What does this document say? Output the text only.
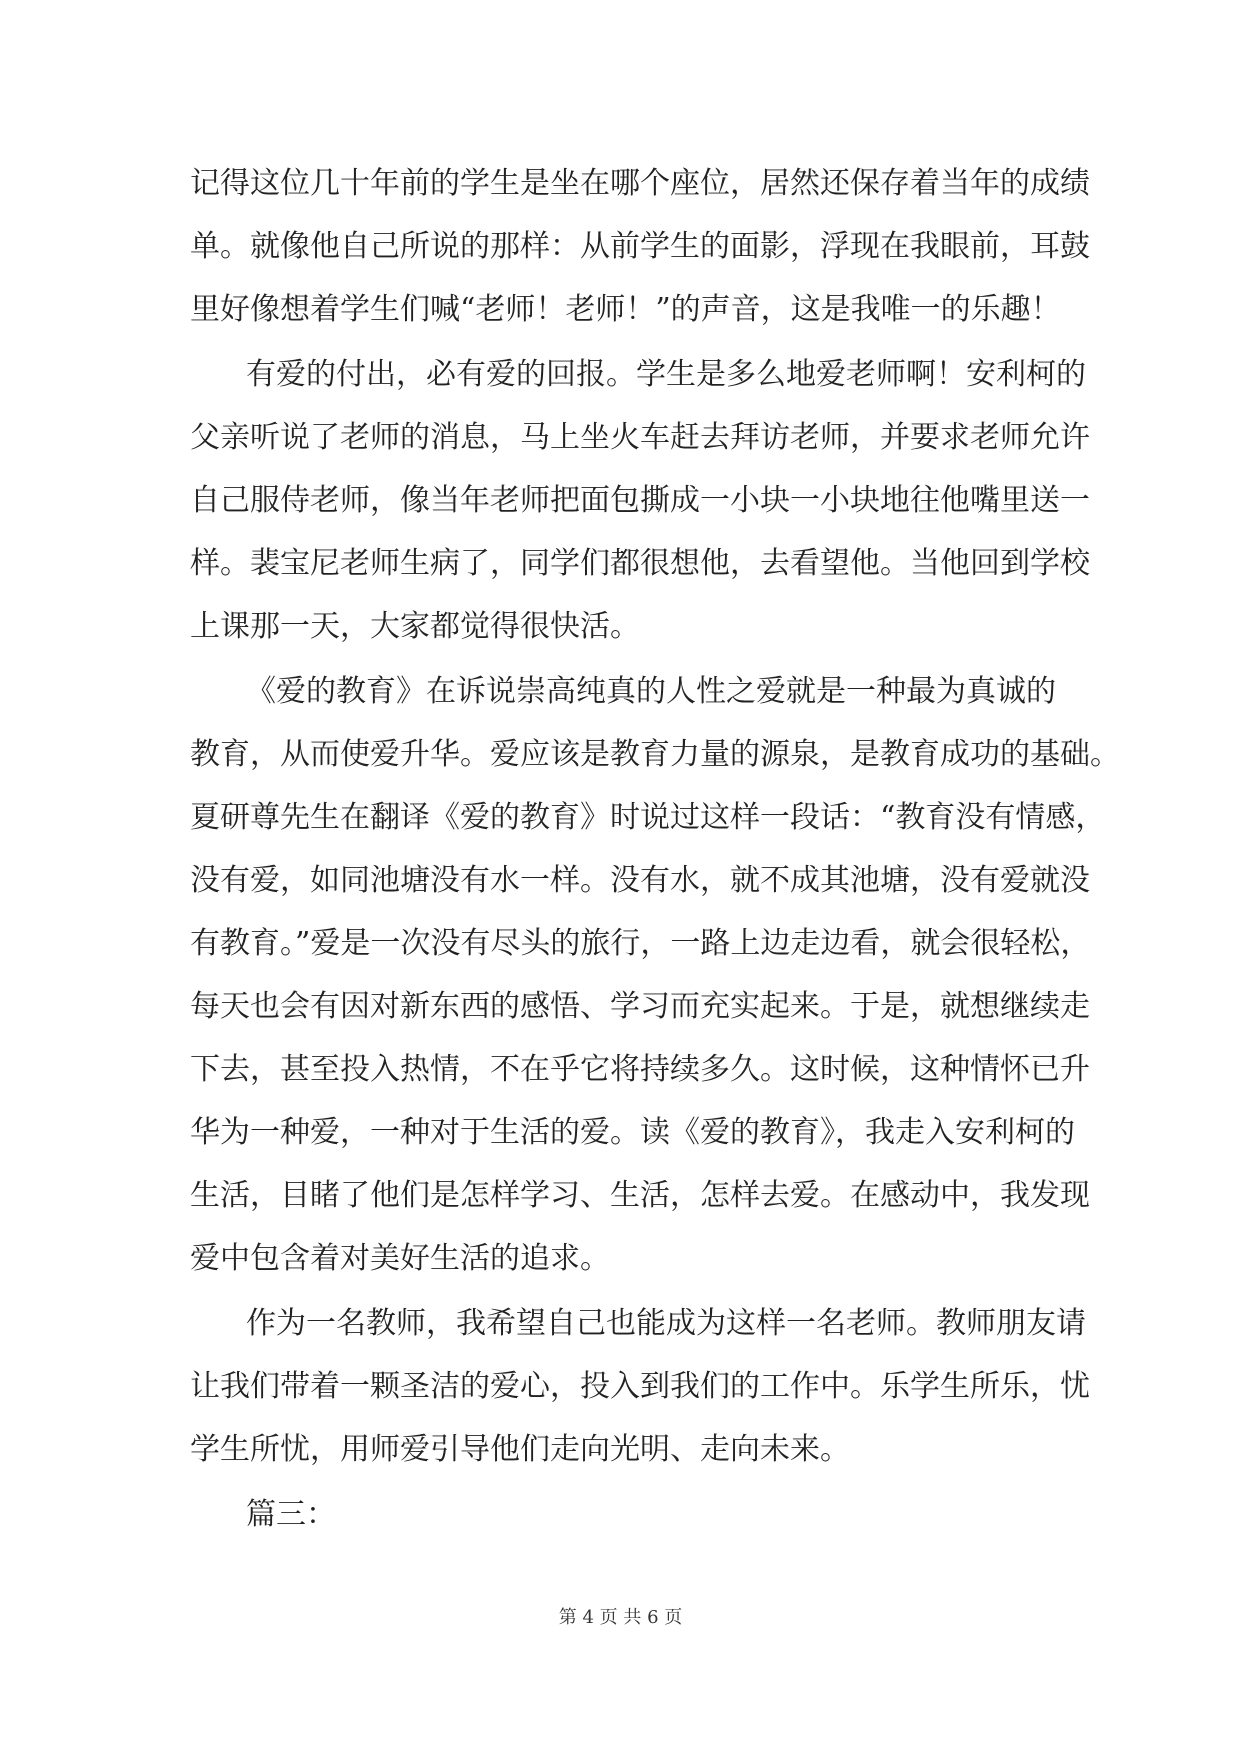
记得这位几十年前的学生是坐在哪个座位，居然还保存着当年的成绩
单。就像他自己所说的那样：从前学生的面影，浮现在我眼前，耳鼓
里好像想着学生们喊“老师！老师！”的声音，这是我唯一的乐趣！
有爱的付出，必有爱的回报。学生是多么地爱老师啊！安利柯的
父亲听说了老师的消息，马上坐火车赶去拜访老师，并要求老师允许
自己服侍老师，像当年老师把面包撕成一小块一小块地往他嘴里送一
样。裴宝尼老师生病了，同学们都很想他，去看望他。当他回到学校
上课那一天，大家都觉得很快活。
《爱的教育》在诉说崇高纯真的人性之爱就是一种最为真诚的
教育，从而使爱升华。爱应该是教育力量的源泉，是教育成功的基础。
夏研尊先生在翻译《爱的教育》时说过这样一段话：“教育没有情感，
没有爱，如同池塘没有水一样。没有水，就不成其池塘，没有爱就没
有教育。”爱是一次没有尽头的旅行，一路上边走边看，就会很轻松，
每天也会有因对新东西的感悟、学习而充实起来。于是，就想继续走
下去，甚至投入热情，不在乎它将持续多久。这时候，这种情怀已升
华为一种爱，一种对于生活的爱。读《爱的教育》，我走入安利柯的
生活，目睹了他们是怎样学习、生活，怎样去爱。在感动中，我发现
爱中包含着对美好生活的追求。
作为一名教师，我希望自己也能成为这样一名老师。教师朋友请
让我们带着一颗圣洁的爱心，投入到我们的工作中。乐学生所乐，忧
学生所忧，用师爱引导他们走向光明、走向未来。
篇三：
第 4 页 共 6 页
